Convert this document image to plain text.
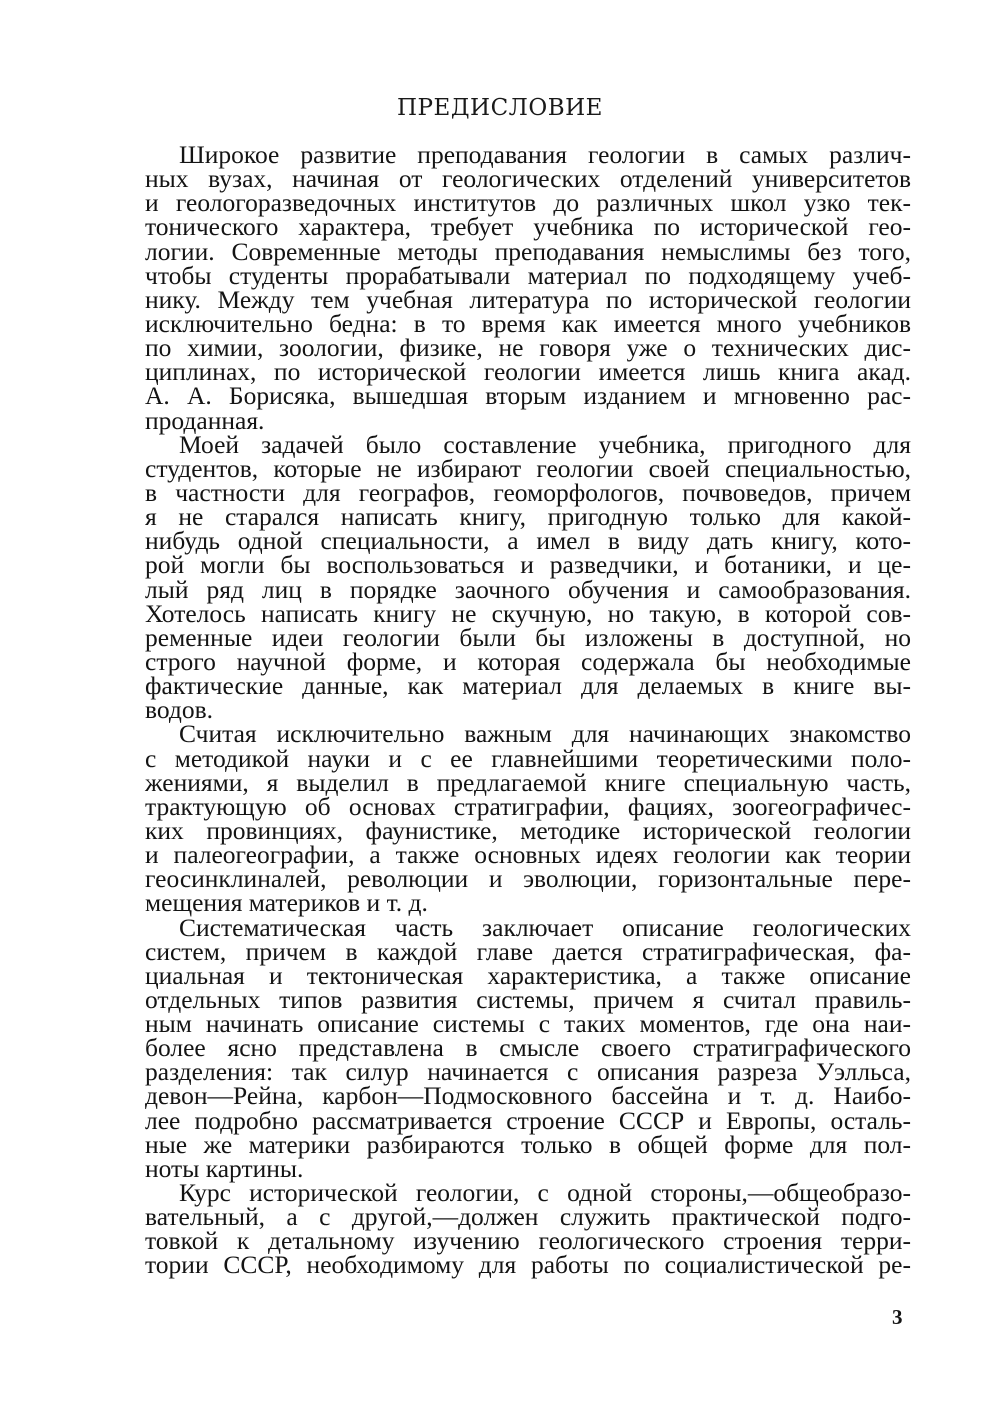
ПРЕДИСЛОВИЕ
Широкое развитие преподавания геологии в самых различ-
ных вузах, начиная от геологических отделений университетов
и геологоразведочных институтов до различных школ узко тек-
тонического характера, требует учебника по исторической гео-
логии. Современные методы преподавания немыслимы без того,
чтобы студенты прорабатывали материал по подходящему учеб-
нику. Между тем учебная литература по исторической геологии
исключительно бедна: в то время как имеется много учебников
по химии, зоологии, физике, не говоря уже о технических дис-
циплинах, по исторической геологии имеется лишь книга акад.
А. А. Борисяка, вышедшая вторым изданием и мгновенно рас-
проданная.
Моей задачей было составление учебника, пригодного для
студентов, которые не избирают геологии своей специальностью,
в частности для географов, геоморфологов, почвоведов, причем
я не старался написать книгу, пригодную только для какой-
нибудь одной специальности, а имел в виду дать книгу, кото-
рой могли бы воспользоваться и разведчики, и ботаники, и це-
лый ряд лиц в порядке заочного обучения и самообразования.
Хотелось написать книгу не скучную, но такую, в которой сов-
ременные идеи геологии были бы изложены в доступной, но
строго научной форме, и которая содержала бы необходимые
фактические данные, как материал для делаемых в книге вы-
водов.
Считая исключительно важным для начинающих знакомство
с методикой науки и с ее главнейшими теоретическими поло-
жениями, я выделил в предлагаемой книге специальную часть,
трактующую об основах стратиграфии, фациях, зоогеографичес-
ких провинциях, фаунистике, методике исторической геологии
и палеогеографии, а также основных идеях геологии как теории
геосинклиналей, революции и эволюции, горизонтальные пере-
мещения материков и т. д.
Систематическая часть заключает описание геологических
систем, причем в каждой главе дается стратиграфическая, фа-
циальная и тектоническая характеристика, а также описание
отдельных типов развития системы, причем я считал правиль-
ным начинать описание системы с таких моментов, где она наи-
более ясно представлена в смысле своего стратиграфического
разделения: так силур начинается с описания разреза Уэлльса,
девон—Рейна, карбон—Подмосковного бассейна и т. д. Наибо-
лее подробно рассматривается строение СССР и Европы, осталь-
ные же материки разбираются только в общей форме для пол-
ноты картины.
Курс исторической геологии, с одной стороны,—общеобразо-
вательный, а с другой,—должен служить практической подго-
товкой к детальному изучению геологического строения терри-
тории СССР, необходимому для работы по социалистической ре-
3
